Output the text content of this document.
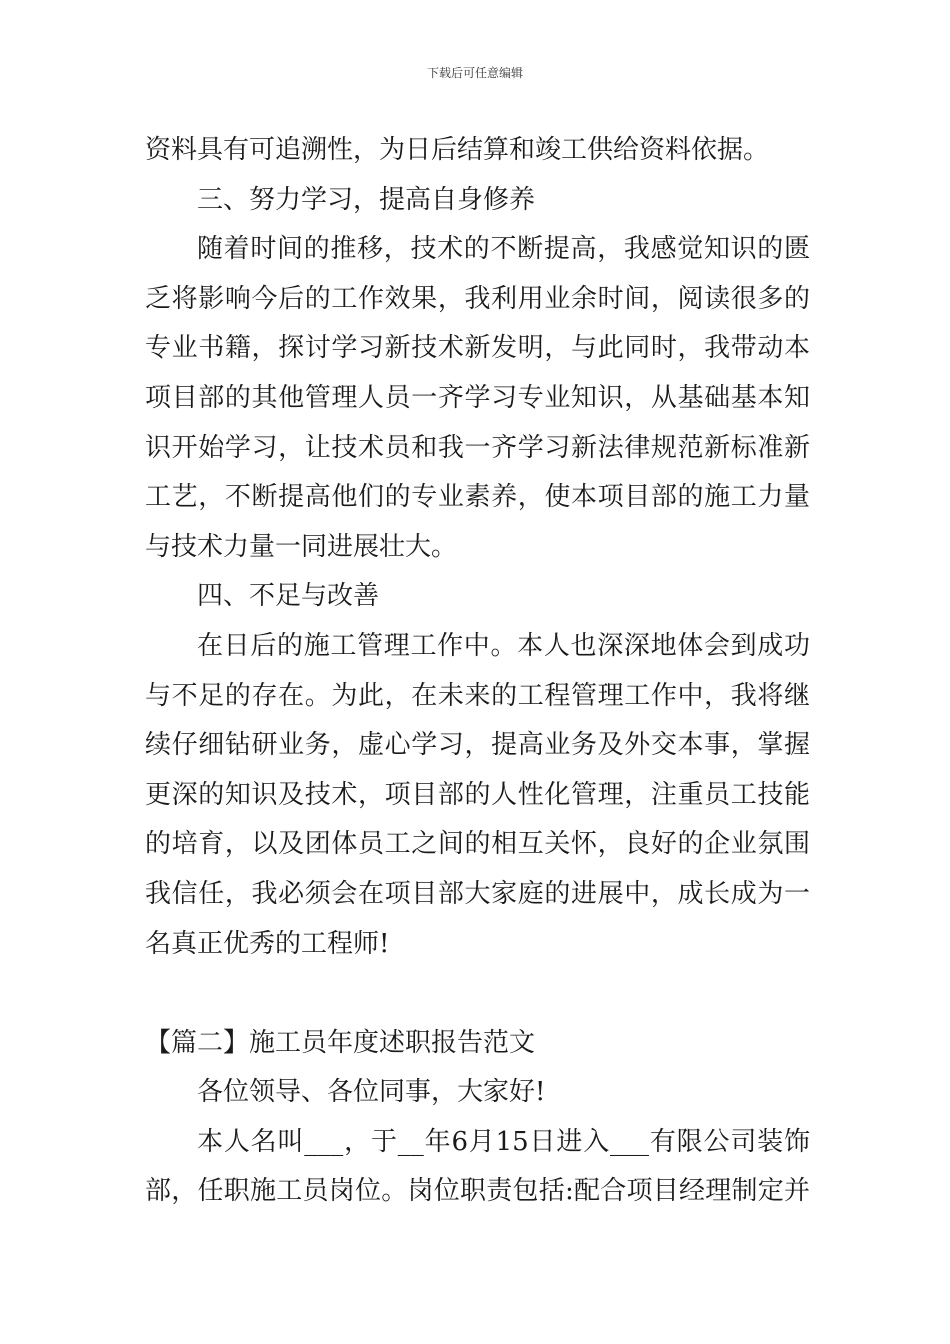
下载后可任意编辑
资料具有可追溯性，为日后结算和竣工供给资料依据。
三、努力学习，提高自身修养
随着时间的推移，技术的不断提高，我感觉知识的匮
乏将影响今后的工作效果，我利用业余时间，阅读很多的
专业书籍，探讨学习新技术新发明，与此同时，我带动本
项目部的其他管理人员一齐学习专业知识，从基础基本知
识开始学习，让技术员和我一齐学习新法律规范新标准新
工艺，不断提高他们的专业素养，使本项目部的施工力量
与技术力量一同进展壮大。
四、不足与改善
在日后的施工管理工作中。本人也深深地体会到成功
与不足的存在。为此，在未来的工程管理工作中，我将继
续仔细钻研业务，虚心学习，提高业务及外交本事，掌握
更深的知识及技术，项目部的人性化管理，注重员工技能
的培育，以及团体员工之间的相互关怀，良好的企业氛围
我信任，我必须会在项目部大家庭的进展中，成长成为一
名真正优秀的工程师!
【篇二】施工员年度述职报告范文
各位领导、各位同事，大家好!
本人名叫___，于__年6月15日进入___有限公司装饰
部，任职施工员岗位。岗位职责包括:配合项目经理制定并
